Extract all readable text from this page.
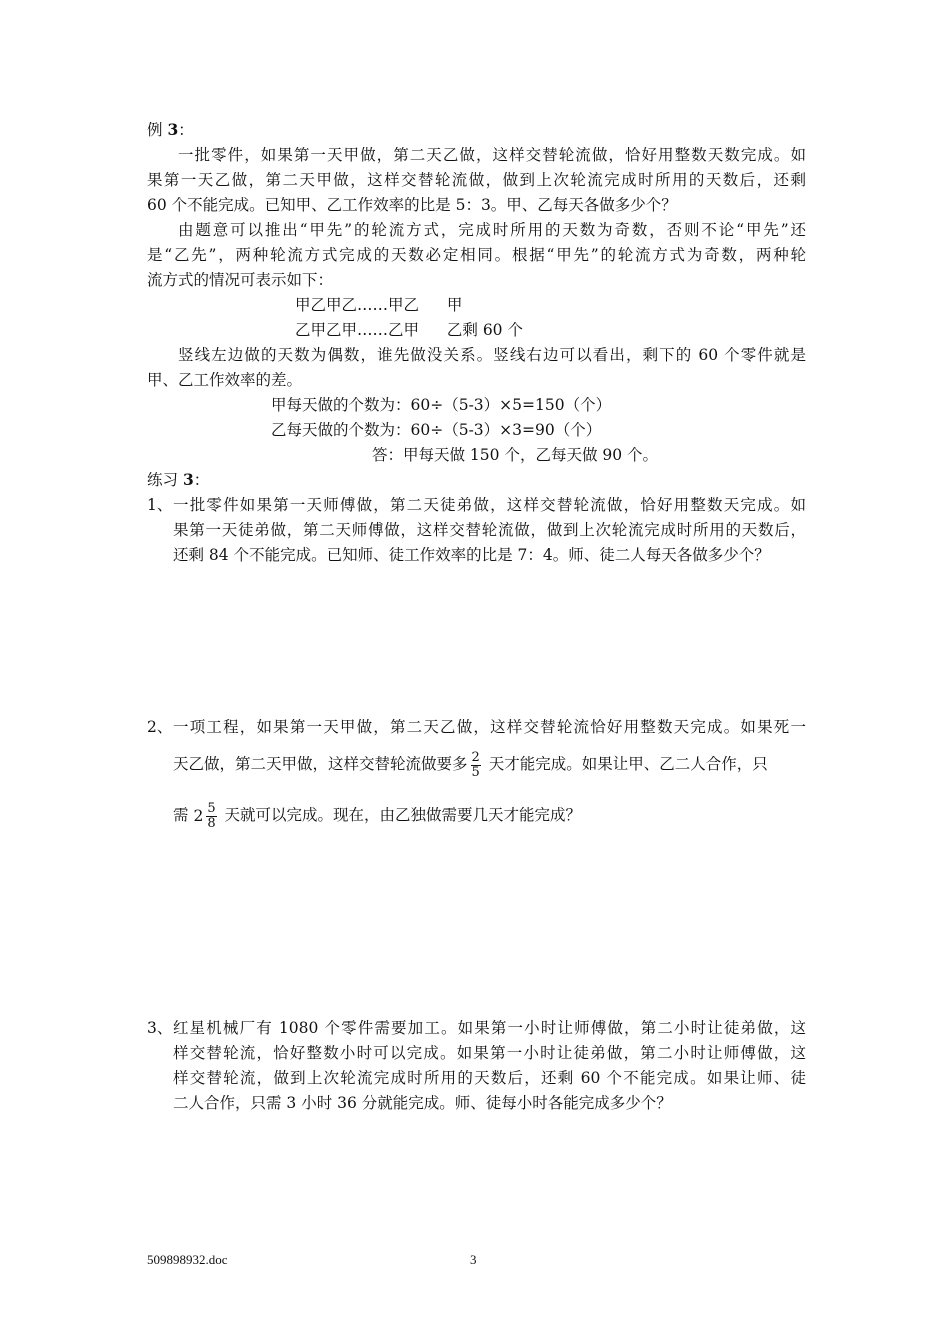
例 3：
一批零件，如果第一天甲做，第二天乙做，这样交替轮流做，恰好用整数天数完成。如
果第一天乙做，第二天甲做，这样交替轮流做，做到上次轮流完成时所用的天数后，还剩
60 个不能完成。已知甲、乙工作效率的比是 5：3。甲、乙每天各做多少个？
由题意可以推出“甲先”的轮流方式，完成时所用的天数为奇数，否则不论“甲先”还
是“乙先”，两种轮流方式完成的天数必定相同。根据“甲先”的轮流方式为奇数，两种轮
流方式的情况可表示如下：
甲乙甲乙……甲乙 甲
乙甲乙甲……乙甲 乙剩 60 个
竖线左边做的天数为偶数，谁先做没关系。竖线右边可以看出，剩下的 60 个零件就是
甲、乙工作效率的差。
甲每天做的个数为：60÷（5-3）×5=150（个）
乙每天做的个数为：60÷（5-3）×3=90（个）
答：甲每天做 150 个，乙每天做 90 个。
练习 3：
1、 一批零件如果第一天师傅做，第二天徒弟做，这样交替轮流做，恰好用整数天完成。如
果第一天徒弟做，第二天师傅做，这样交替轮流做，做到上次轮流完成时所用的天数后，
还剩 84 个不能完成。已知师、徒工作效率的比是 7：4。师、徒二人每天各做多少个？
2、 一项工程，如果第一天甲做，第二天乙做，这样交替轮流恰好用整数天完成。如果死一
天乙做，第二天甲做，这样交替轮流做要多 $\frac{2}{5}$ 天才能完成。如果让甲、乙二人合作，只
需 $2 \frac{5}{8}$ 天就可以完成。现在，由乙独做需要几天才能完成？
3、 红星机械厂有 1080 个零件需要加工。如果第一小时让师傅做，第二小时让徒弟做，这
样交替轮流，恰好整数小时可以完成。如果第一小时让徒弟做，第二小时让师傅做，这
样交替轮流，做到上次轮流完成时所用的天数后，还剩 60 个不能完成。如果让师、徒
二人合作，只需 3 小时 36 分就能完成。师、徒每小时各能完成多少个？
509898932.doc	3
